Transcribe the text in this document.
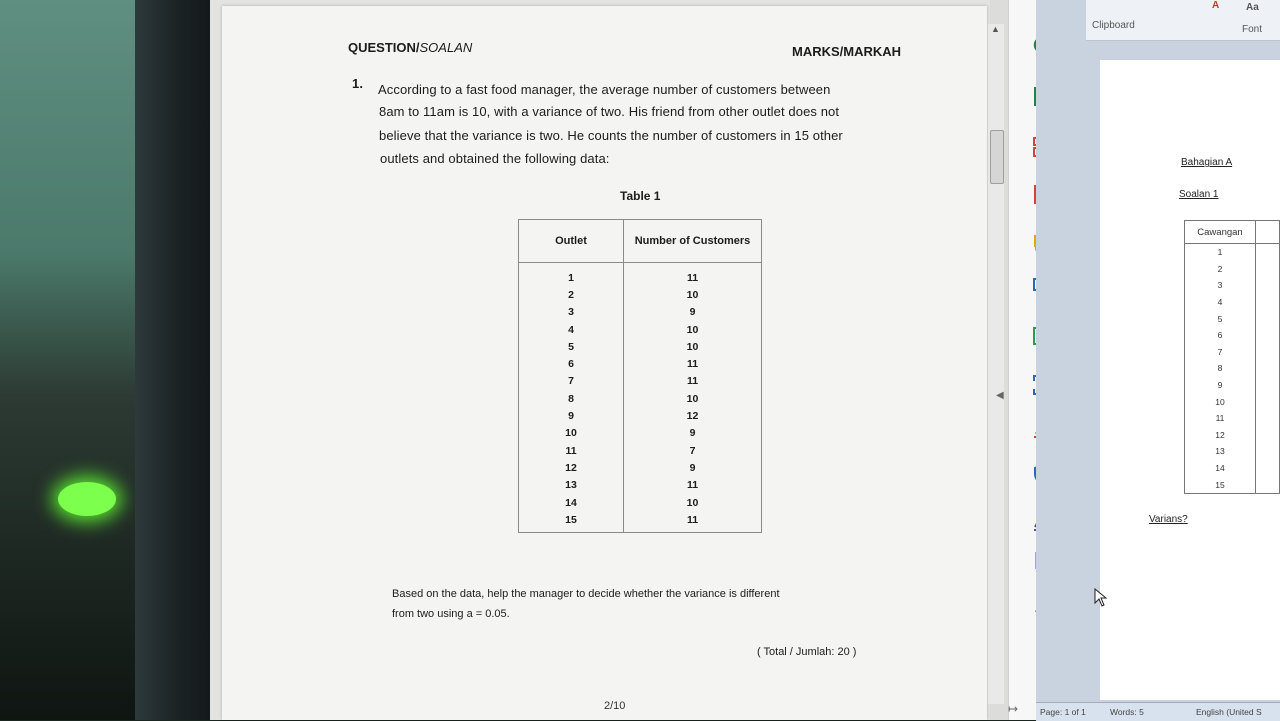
QUESTION/SOALAN	MARKS/MARKAH
1. According to a fast food manager, the average number of customers between
8am to 11am is 10, with a variance of two. His friend from other outlet does not
believe that the variance is two. He counts the number of customers in 15 other
outlets and obtained the following data:
Table 1
Outlet	Number of Customers
1	11
2	10
3	9
4	10
5	10
6	11
7	11
8	10
9	12
10	9
11	7
12	9
13	11
14	10
15	11
Based on the data, help the manager to decide whether the variance is different
from two using a = 0.05.
( Total / Jumlah: 20 )
2/10
▲
◀
↦
Clipboard	Font
Aa
A
Bahagian A
Soalan 1
Cawangan	
1	
2	
3	
4	
5	
6	
7	
8	
9	
10	
11	
12	
13	
14	
15	
Varians?
Page: 1 of 1	Words: 5	English (United S
